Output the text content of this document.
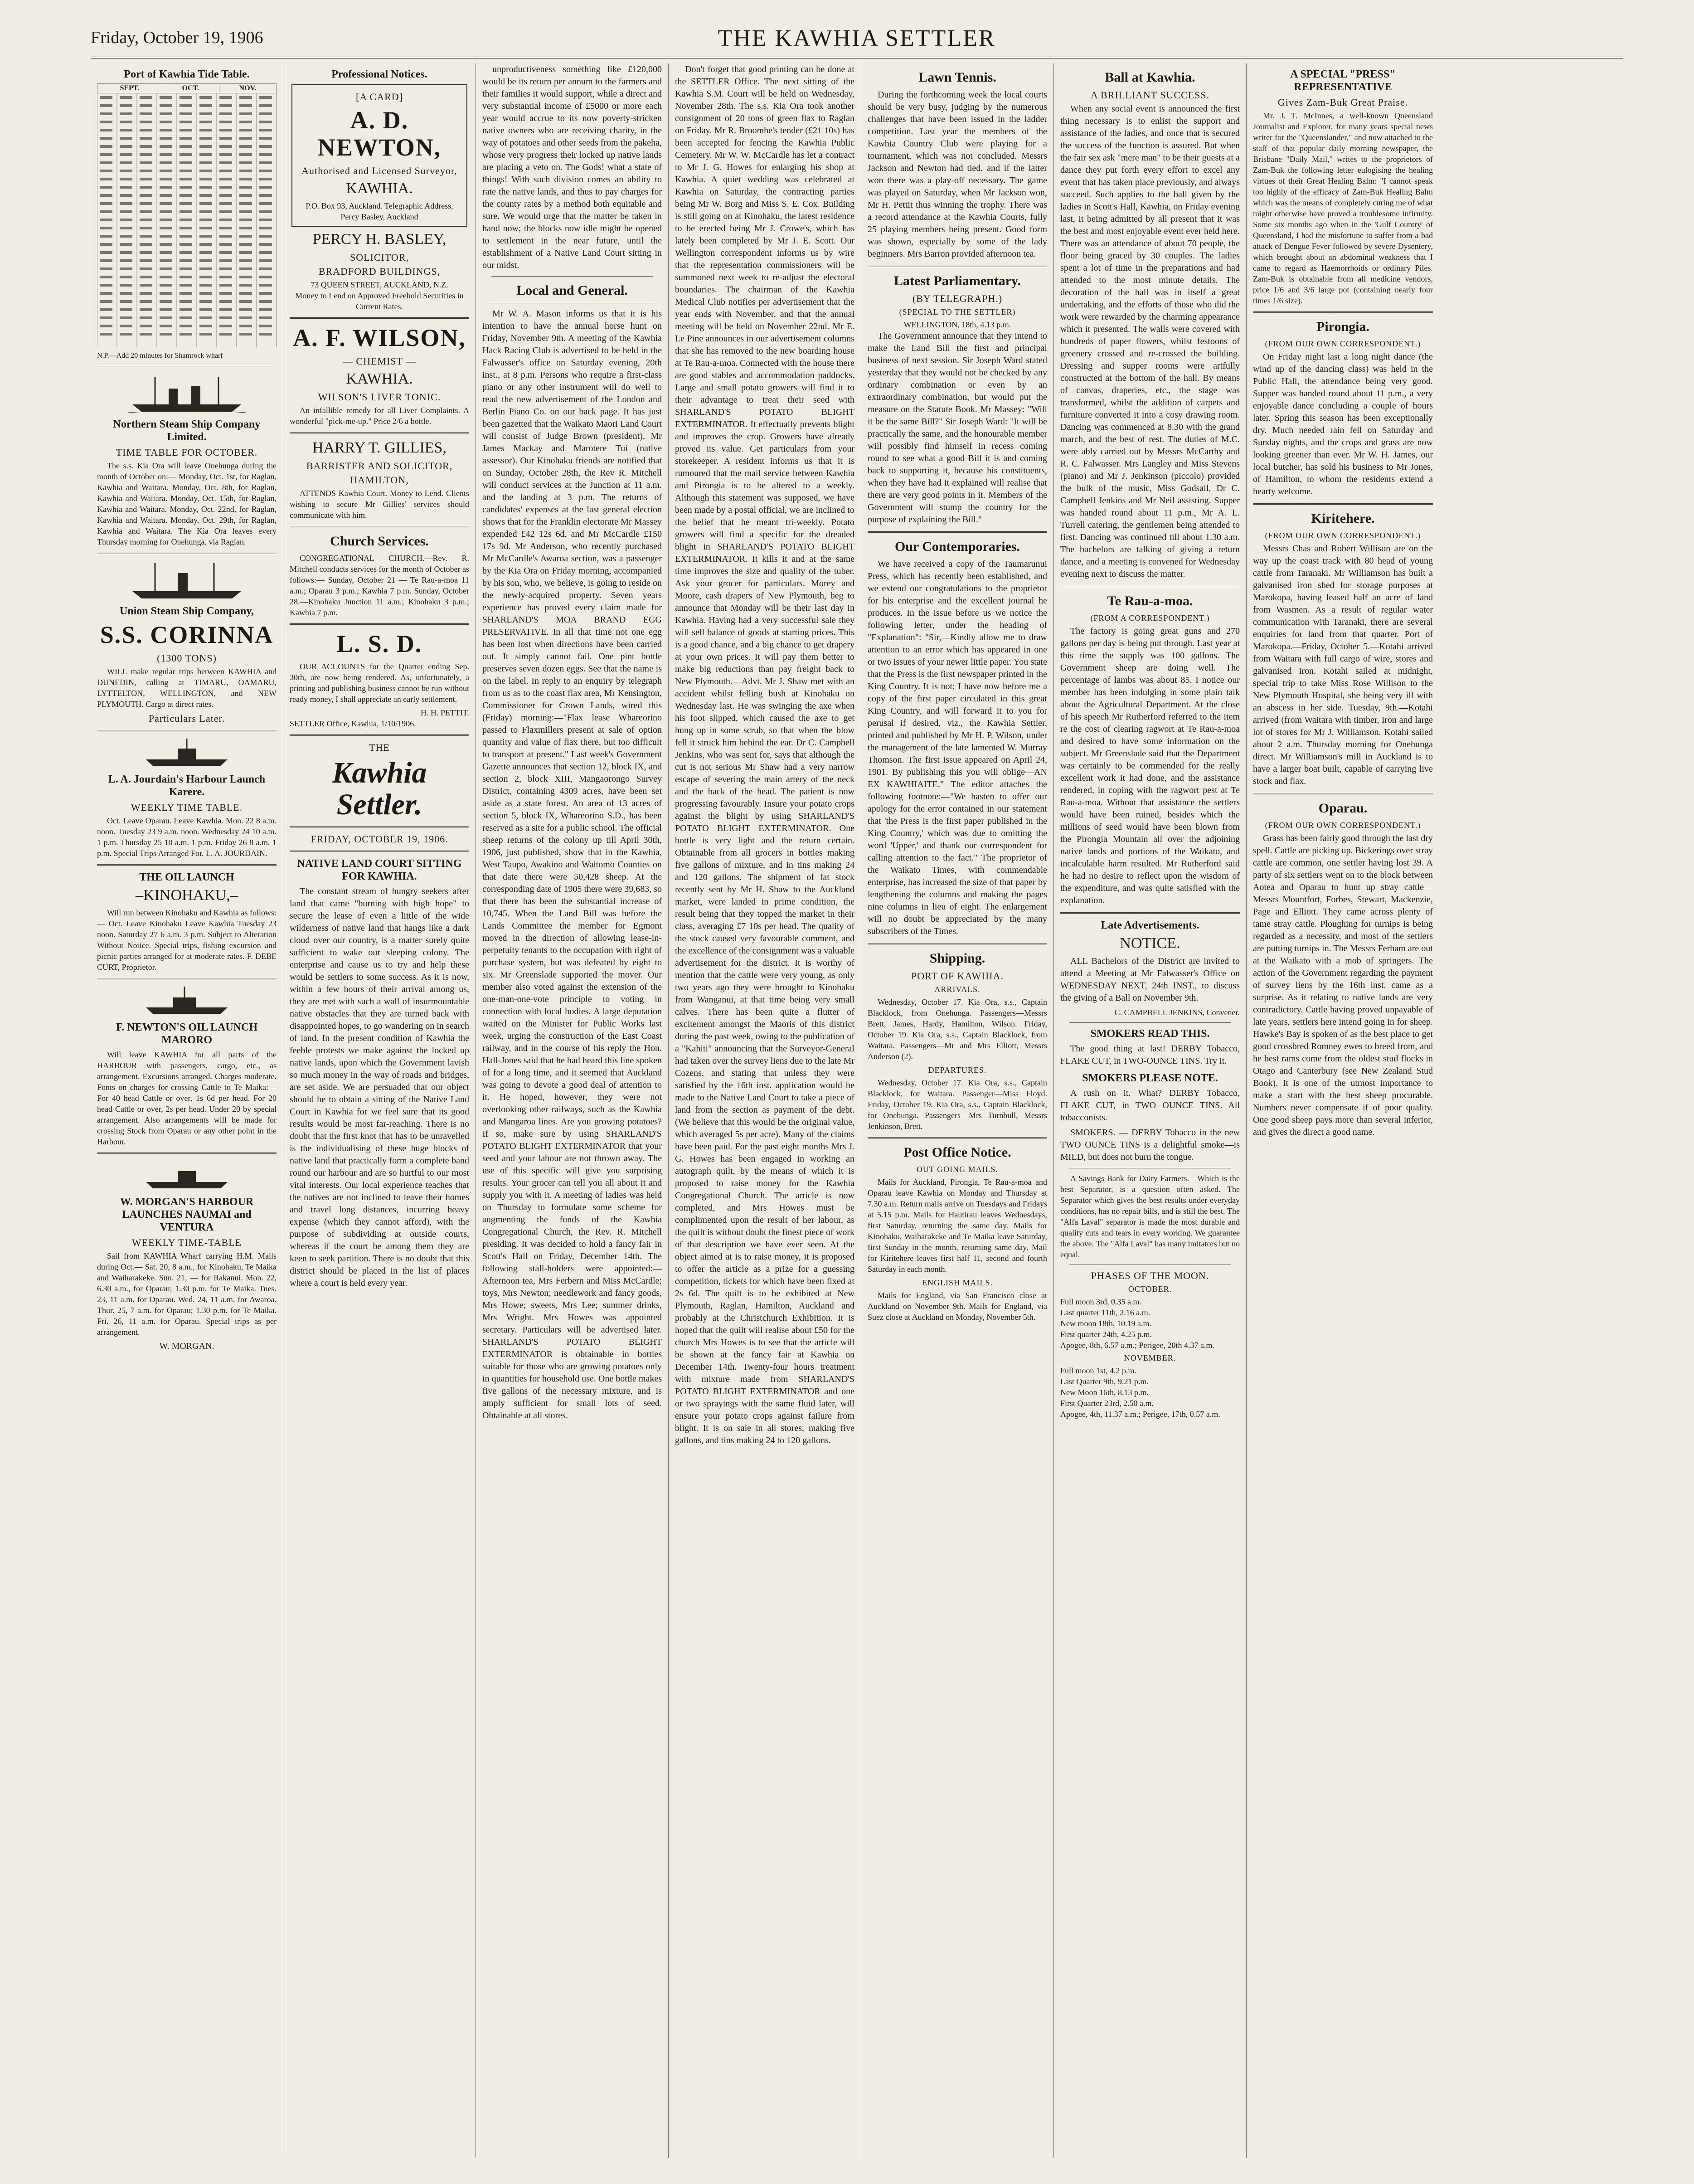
Friday, October 19, 1906	THE KAWHIA SETTLER
Port of Kawhia Tide Table.
SEPT.	OCT.	NOV.
N.P.—Add 20 minutes for Shamrock wharf
Northern Steam Ship Company Limited.
TIME TABLE FOR OCTOBER.

The s.s. Kia Ora will leave Onehunga during the month of October on:— Monday, Oct. 1st, for Raglan, Kawhia and Waitara. Monday, Oct. 8th, for Raglan, Kawhia and Waitara. Monday, Oct. 15th, for Raglan, Kawhia and Waitara. Monday, Oct. 22nd, for Raglan, Kawhia and Waitara. Monday, Oct. 29th, for Raglan, Kawhia and Waitara. The Kia Ora leaves every Thursday morning for Onehunga, via Raglan.

Union Steam Ship Company,
S.S. CORINNA
(1300 TONS)

WILL make regular trips between KAWHIA and DUNEDIN, calling at TIMARU, OAMARU, LYTTELTON, WELLINGTON, and NEW PLYMOUTH. Cargo at direct rates.

Particulars Later.
L. A. Jourdain's Harbour Launch Karere.
WEEKLY TIME TABLE.

Oct. Leave Oparau. Leave Kawhia. Mon. 22 8 a.m. noon. Tuesday 23 9 a.m. noon. Wednesday 24 10 a.m. 1 p.m. Thursday 25 10 a.m. 1 p.m. Friday 26 8 a.m. 1 p.m. Special Trips Arranged For. L. A. JOURDAIN.

THE OIL LAUNCH
–KINOHAKU,–

Will run between Kinohaku and Kawhia as follows:— Oct. Leave Kinohaku Leave Kawhia Tuesday 23 noon. Saturday 27 6 a.m. 3 p.m. Subject to Alteration Without Notice. Special trips, fishing excursion and picnic parties arranged for at moderate rates. F. DEBE CURT, Proprietor.

F. NEWTON'S OIL LAUNCH MARORO

Will leave KAWHIA for all parts of the HARBOUR with passengers, cargo, etc., as arrangement. Excursions arranged. Charges moderate. Fonts on charges for crossing Cattle to Te Maika:— For 40 head Cattle or over, 1s 6d per head. For 20 head Cattle or over, 2s per head. Under 20 by special arrangement. Also arrangements will be made for crossing Stock from Oparau or any other point in the Harbour.

W. MORGAN'S HARBOUR LAUNCHES NAUMAI and VENTURA
WEEKLY TIME-TABLE

Sail from KAWHIA Wharf carrying H.M. Mails during Oct.— Sat. 20, 8 a.m., for Kinohaku, Te Maika and Waiharakeke. Sun. 21, — for Rakanui. Mon. 22, 6.30 a.m., for Oparau; 1.30 p.m. for Te Maika. Tues. 23, 11 a.m. for Oparau. Wed. 24, 11 a.m. for Awaroa. Thur. 25, 7 a.m. for Oparau; 1.30 p.m. for Te Maika. Fri. 26, 11 a.m. for Oparau. Special trips as per arrangement.

W. MORGAN.
Professional Notices.
[A CARD]
A. D. NEWTON,
Authorised and Licensed Surveyor,
KAWHIA.
P.O. Box 93, Auckland. Telegraphic Address, Percy Basley, Auckland
PERCY H. BASLEY,
SOLICITOR,
BRADFORD BUILDINGS,
73 QUEEN STREET, AUCKLAND, N.Z.
Money to Lend on Approved Freehold Securities in Current Rates.
A. F. WILSON,
— CHEMIST —
KAWHIA.
WILSON'S LIVER TONIC.

An infallible remedy for all Liver Complaints. A wonderful "pick-me-up." Price 2/6 a bottle.

HARRY T. GILLIES,
BARRISTER AND SOLICITOR,
HAMILTON,

ATTENDS Kawhia Court. Money to Lend. Clients wishing to secure Mr Gillies' services should communicate with him.

Church Services.

CONGREGATIONAL CHURCH.—Rev. R. Mitchell conducts services for the month of October as follows:— Sunday, October 21 — Te Rau-a-moa 11 a.m.; Oparau 3 p.m.; Kawhia 7 p.m. Sunday, October 28.—Kinohaku Junction 11 a.m.; Kinohaku 3 p.m.; Kawhia 7 p.m.

L. S. D.

OUR ACCOUNTS for the Quarter ending Sep. 30th, are now being rendered. As, unfortunately, a printing and publishing business cannot be run without ready money, I shall appreciate an early settlement.

H. H. PETTIT.
SETTLER Office, Kawhia, 1/10/1906.
THE
Kawhia Settler.
FRIDAY, OCTOBER 19, 1906.
NATIVE LAND COURT SITTING FOR KAWHIA.

The constant stream of hungry seekers after land that came "burning with high hope" to secure the lease of even a little of the wide wilderness of native land that hangs like a dark cloud over our country, is a matter surely quite sufficient to wake our sleeping colony. The enterprise and cause us to try and help these would be settlers to some success. As it is now, within a few hours of their arrival among us, they are met with such a wall of insurmountable native obstacles that they are turned back with disappointed hopes, to go wandering on in search of land. In the present condition of Kawhia the feeble protests we make against the locked up native lands, upon which the Government lavish so much money in the way of roads and bridges, are set aside. We are persuaded that our object should be to obtain a sitting of the Native Land Court in Kawhia for we feel sure that its good results would be most far-reaching. There is no doubt that the first knot that has to be unravelled is the individualising of these huge blocks of native land that practically form a complete band round our harbour and are so hurtful to our most vital interests. Our local experience teaches that the natives are not inclined to leave their homes and travel long distances, incurring heavy expense (which they cannot afford), with the purpose of subdividing at outside courts, whereas if the court be among them they are keen to seek partition. There is no doubt that this district should be placed in the list of places where a court is held every year.

unproductiveness something like £120,000 would be its return per annum to the farmers and their families it would support, while a direct and very substantial income of £5000 or more each year would accrue to its now poverty-stricken native owners who are receiving charity, in the way of potatoes and other seeds from the pakeha, whose very progress their locked up native lands are placing a veto on. The Gods! what a state of things! With such division comes an ability to rate the native lands, and thus to pay charges for the county rates by a method both equitable and sure. We would urge that the matter be taken in hand now; the blocks now idle might be opened to settlement in the near future, until the establishment of a Native Land Court sitting in our midst.

Local and General.

Mr W. A. Mason informs us that it is his intention to have the annual horse hunt on Friday, November 9th. A meeting of the Kawhia Hack Racing Club is advertised to be held in the Falwasser's office on Saturday evening, 20th inst., at 8 p.m. Persons who require a first-class piano or any other instrument will do well to read the new advertisement of the London and Berlin Piano Co. on our back page. It has just been gazetted that the Waikato Maori Land Court will consist of Judge Brown (president), Mr James Mackay and Marotere Tui (native assessor). Our Kinohaku friends are notified that on Sunday, October 28th, the Rev R. Mitchell will conduct services at the Junction at 11 a.m. and the landing at 3 p.m. The returns of candidates' expenses at the last general election shows that for the Franklin electorate Mr Massey expended £42 12s 6d, and Mr McCardle £150 17s 9d. Mr Anderson, who recently purchased Mr McCardle's Awaroa section, was a passenger by the Kia Ora on Friday morning, accompanied by his son, who, we believe, is going to reside on the newly-acquired property. Seven years experience has proved every claim made for SHARLAND'S MOA BRAND EGG PRESERVATIVE. In all that time not one egg has been lost when directions have been carried out. It simply cannot fail. One pint bottle preserves seven dozen eggs. See that the name is on the label. In reply to an enquiry by telegraph from us as to the coast flax area, Mr Kensington, Commissioner for Crown Lands, wired this (Friday) morning:—"Flax lease Whareorino passed to Flaxmillers present at sale of option quantity and value of flax there, but too difficult to transport at present." Last week's Government Gazette announces that section 12, block IX, and section 2, block XIII, Mangaorongo Survey District, containing 4309 acres, have been set aside as a state forest. An area of 13 acres of section 5, block IX, Whareorino S.D., has been reserved as a site for a public school. The official sheep returns of the colony up till April 30th, 1906, just published, show that in the Kawhia, West Taupo, Awakino and Waitomo Counties on that date there were 50,428 sheep. At the corresponding date of 1905 there were 39,683, so that there has been the substantial increase of 10,745. When the Land Bill was before the Lands Committee the member for Egmont moved in the direction of allowing lease-in-perpetuity tenants to the occupation with right of purchase system, but was defeated by eight to six. Mr Greenslade supported the mover. Our member also voted against the extension of the one-man-one-vote principle to voting in connection with local bodies. A large deputation waited on the Minister for Public Works last week, urging the construction of the East Coast railway, and in the course of his reply the Hon. Hall-Jones said that he had heard this line spoken of for a long time, and it seemed that Auckland was going to devote a good deal of attention to it. He hoped, however, they were not overlooking other railways, such as the Kawhia and Mangaroa lines. Are you growing potatoes? If so, make sure by using SHARLAND'S POTATO BLIGHT EXTERMINATOR that your seed and your labour are not thrown away. The use of this specific will give you surprising results. Your grocer can tell you all about it and supply you with it. A meeting of ladies was held on Thursday to formulate some scheme for augmenting the funds of the Kawhia Congregational Church, the Rev. R. Mitchell presiding. It was decided to hold a fancy fair in Scott's Hall on Friday, December 14th. The following stall-holders were appointed:— Afternoon tea, Mrs Ferbern and Miss McCardle; toys, Mrs Newton; needlework and fancy goods, Mrs Howe; sweets, Mrs Lee; summer drinks, Mrs Wright. Mrs Howes was appointed secretary. Particulars will be advertised later. SHARLAND'S POTATO BLIGHT EXTERMINATOR is obtainable in bottles suitable for those who are growing potatoes only in quantities for household use. One bottle makes five gallons of the necessary mixture, and is amply sufficient for small lots of seed. Obtainable at all stores.

Don't forget that good printing can be done at the SETTLER Office. The next sitting of the Kawhia S.M. Court will be held on Wednesday, November 28th. The s.s. Kia Ora took another consignment of 20 tons of green flax to Raglan on Friday. Mr R. Broomhe's tender (£21 10s) has been accepted for fencing the Kawhia Public Cemetery. Mr W. W. McCardle has let a contract to Mr J. G. Howes for enlarging his shop at Kawhia. A quiet wedding was celebrated at Kawhia on Saturday, the contracting parties being Mr W. Borg and Miss S. E. Cox. Building is still going on at Kinohaku, the latest residence to be erected being Mr J. Crowe's, which has lately been completed by Mr J. E. Scott. Our Wellington correspondent informs us by wire that the representation commissioners will be summoned next week to re-adjust the electoral boundaries. The chairman of the Kawhia Medical Club notifies per advertisement that the year ends with November, and that the annual meeting will be held on November 22nd. Mr E. Le Pine announces in our advertisement columns that she has removed to the new boarding house at Te Rau-a-moa. Connected with the house there are good stables and accommodation paddocks. Large and small potato growers will find it to their advantage to treat their seed with SHARLAND'S POTATO BLIGHT EXTERMINATOR. It effectually prevents blight and improves the crop. Growers have already proved its value. Get particulars from your storekeeper. A resident informs us that it is rumoured that the mail service between Kawhia and Pirongia is to be altered to a weekly. Although this statement was supposed, we have been made by a postal official, we are inclined to the belief that he meant tri-weekly. Potato growers will find a specific for the dreaded blight in SHARLAND'S POTATO BLIGHT EXTERMINATOR. It kills it and at the same time improves the size and quality of the tuber. Ask your grocer for particulars. Morey and Moore, cash drapers of New Plymouth, beg to announce that Monday will be their last day in Kawhia. Having had a very successful sale they will sell balance of goods at starting prices. This is a good chance, and a big chance to get drapery at your own prices. It will pay them better to make big reductions than pay freight back to New Plymouth.—Advt. Mr J. Shaw met with an accident whilst felling bush at Kinohaku on Wednesday last. He was swinging the axe when his foot slipped, which caused the axe to get hung up in some scrub, so that when the blow fell it struck him behind the ear. Dr C. Campbell Jenkins, who was sent for, says that although the cut is not serious Mr Shaw had a very narrow escape of severing the main artery of the neck and the back of the head. The patient is now progressing favourably. Insure your potato crops against the blight by using SHARLAND'S POTATO BLIGHT EXTERMINATOR. One bottle is very light and the return certain. Obtainable from all grocers in bottles making five gallons of mixture, and in tins making 24 and 120 gallons. The shipment of fat stock recently sent by Mr H. Shaw to the Auckland market, were landed in prime condition, the result being that they topped the market in their class, averaging £7 10s per head. The quality of the stock caused very favourable comment, and the excellence of the consignment was a valuable advertisement for the district. It is worthy of mention that the cattle were very young, as only two years ago they were brought to Kinohaku from Wanganui, at that time being very small calves. There has been quite a flutter of excitement amongst the Maoris of this district during the past week, owing to the publication of a "Kahiti" announcing that the Surveyor-General had taken over the survey liens due to the late Mr Cozens, and stating that unless they were satisfied by the 16th inst. application would be made to the Native Land Court to take a piece of land from the section as payment of the debt. (We believe that this would be the original value, which averaged 5s per acre). Many of the claims have been paid. For the past eight months Mrs J. G. Howes has been engaged in working an autograph quilt, by the means of which it is proposed to raise money for the Kawhia Congregational Church. The article is now completed, and Mrs Howes must be complimented upon the result of her labour, as the quilt is without doubt the finest piece of work of that description we have ever seen. At the object aimed at is to raise money, it is proposed to offer the article as a prize for a guessing competition, tickets for which have been fixed at 2s 6d. The quilt is to be exhibited at New Plymouth, Raglan, Hamilton, Auckland and probably at the Christchurch Exhibition. It is hoped that the quilt will realise about £50 for the church Mrs Howes is to see that the article will be shown at the fancy fair at Kawhia on December 14th. Twenty-four hours treatment with mixture made from SHARLAND'S POTATO BLIGHT EXTERMINATOR and one or two sprayings with the same fluid later, will ensure your potato crops against failure from blight. It is on sale in all stores, making five gallons, and tins making 24 to 120 gallons.

Lawn Tennis.

During the forthcoming week the local courts should be very busy, judging by the numerous challenges that have been issued in the ladder competition. Last year the members of the Kawhia Country Club were playing for a tournament, which was not concluded. Messrs Jackson and Newton had tied, and if the latter won there was a play-off necessary. The game was played on Saturday, when Mr Jackson won, Mr H. Pettit thus winning the trophy. There was a record attendance at the Kawhia Courts, fully 25 playing members being present. Good form was shown, especially by some of the lady beginners. Mrs Barron provided afternoon tea.

Latest Parliamentary.
(BY TELEGRAPH.)
(SPECIAL TO THE SETTLER)
WELLINGTON, 18th, 4.13 p.m.

The Government announce that they intend to make the Land Bill the first and principal business of next session. Sir Joseph Ward stated yesterday that they would not be checked by any ordinary combination or even by an extraordinary combination, but would put the measure on the Statute Book. Mr Massey: "Will it be the same Bill?" Sir Joseph Ward: "It will be practically the same, and the honourable member will possibly find himself in recess coming round to see what a good Bill it is and coming back to supporting it, because his constituents, when they have had it explained will realise that there are very good points in it. Members of the Government will stump the country for the purpose of explaining the Bill."

Our Contemporaries.

We have received a copy of the Taumarunui Press, which has recently been established, and we extend our congratulations to the proprietor for his enterprise and the excellent journal he produces. In the issue before us we notice the following letter, under the heading of "Explanation": "Sir,—Kindly allow me to draw attention to an error which has appeared in one or two issues of your newer little paper. You state that the Press is the first newspaper printed in the King Country. It is not; I have now before me a copy of the first paper circulated in this great King Country, and will forward it to you for perusal if desired, viz., the Kawhia Settler, printed and published by Mr H. P. Wilson, under the management of the late lamented W. Murray Thomson. The first issue appeared on April 24, 1901. By publishing this you will oblige—AN EX KAWHIAITE." The editor attaches the following footnote:—"We hasten to offer our apology for the error contained in our statement that 'the Press is the first paper published in the King Country,' which was due to omitting the word 'Upper,' and thank our correspondent for calling attention to the fact." The proprietor of the Waikato Times, with commendable enterprise, has increased the size of that paper by lengthening the columns and making the pages nine columns in lieu of eight. The enlargement will no doubt be appreciated by the many subscribers of the Times.

Shipping.
PORT OF KAWHIA.
ARRIVALS.

Wednesday, October 17. Kia Ora, s.s., Captain Blacklock, from Onehunga. Passengers—Messrs Brett, James, Hardy, Hamilton, Wilson. Friday, October 19. Kia Ora, s.s., Captain Blacklock, from Waitara. Passengers—Mr and Mrs Elliott, Messrs Anderson (2).

DEPARTURES.

Wednesday, October 17. Kia Ora, s.s., Captain Blacklock, for Waitara. Passenger—Miss Floyd. Friday, October 19. Kia Ora, s.s., Captain Blacklock, for Onehunga. Passengers—Mrs Turnbull, Messrs Jenkinson, Brett.

Post Office Notice.
OUT GOING MAILS.

Mails for Auckland, Pirongia, Te Rau-a-moa and Oparau leave Kawhia on Monday and Thursday at 7.30 a.m. Return mails arrive on Tuesdays and Fridays at 5.15 p.m. Mails for Hautirau leaves Wednesdays, first Saturday, returning the same day. Mails for Kinohaku, Waiharakeke and Te Maika leave Saturday, first Sunday in the month, returning same day. Mail for Kiritehere leaves first half 11, second and fourth Saturday in each month.

ENGLISH MAILS.

Mails for England, via San Francisco close at Auckland on November 9th. Mails for England, via Suez close at Auckland on Monday, November 5th.

Ball at Kawhia.
A BRILLIANT SUCCESS.

When any social event is announced the first thing necessary is to enlist the support and assistance of the ladies, and once that is secured the success of the function is assured. But when the fair sex ask "mere man" to be their guests at a dance they put forth every effort to excel any event that has taken place previously, and always succeed. Such applies to the ball given by the ladies in Scott's Hall, Kawhia, on Friday evening last, it being admitted by all present that it was the best and most enjoyable event ever held here. There was an attendance of about 70 people, the floor being graced by 30 couples. The ladies spent a lot of time in the preparations and had attended to the most minute details. The decoration of the hall was in itself a great undertaking, and the efforts of those who did the work were rewarded by the charming appearance which it presented. The walls were covered with hundreds of paper flowers, whilst festoons of greenery crossed and re-crossed the building. Dressing and supper rooms were artfully constructed at the bottom of the hall. By means of canvas, draperies, etc., the stage was transformed, whilst the addition of carpets and furniture converted it into a cosy drawing room. Dancing was commenced at 8.30 with the grand march, and the best of rest. The duties of M.C. were ably carried out by Messrs McCarthy and R. C. Falwasser. Mrs Langley and Miss Stevens (piano) and Mr J. Jenkinson (piccolo) provided the bulk of the music, Miss Godsall, Dr C. Campbell Jenkins and Mr Neil assisting. Supper was handed round about 11 p.m., Mr A. L. Turrell catering, the gentlemen being attended to first. Dancing was continued till about 1.30 a.m. The bachelors are talking of giving a return dance, and a meeting is convened for Wednesday evening next to discuss the matter.

Te Rau-a-moa.
(FROM A CORRESPONDENT.)

The factory is going great guns and 270 gallons per day is being put through. Last year at this time the supply was 100 gallons. The Government sheep are doing well. The percentage of lambs was about 85. I notice our member has been indulging in some plain talk about the Agricultural Department. At the close of his speech Mr Rutherford referred to the item re the cost of clearing ragwort at Te Rau-a-moa and desired to have some information on the subject. Mr Greenslade said that the Department was certainly to be commended for the really excellent work it had done, and the assistance rendered, in coping with the ragwort pest at Te Rau-a-moa. Without that assistance the settlers would have been ruined, besides which the millions of seed would have been blown from the Pirongia Mountain all over the adjoining native lands and portions of the Waikato, and incalculable harm resulted. Mr Rutherford said he had no desire to reflect upon the wisdom of the expenditure, and was quite satisfied with the explanation.

Late Advertisements.
NOTICE.

ALL Bachelors of the District are invited to attend a Meeting at Mr Falwasser's Office on WEDNESDAY NEXT, 24th INST., to discuss the giving of a Ball on November 9th.

C. CAMPBELL JENKINS, Convener.
SMOKERS READ THIS.

The good thing at last! DERBY Tobacco, FLAKE CUT, in TWO-OUNCE TINS. Try it.

SMOKERS PLEASE NOTE.

A rush on it. What? DERBY Tobacco, FLAKE CUT, in TWO OUNCE TINS. All tobacconists.

SMOKERS. — DERBY Tobacco in the new TWO OUNCE TINS is a delightful smoke—is MILD, but does not burn the tongue.

A Savings Bank for Dairy Farmers.—Which is the best Separator, is a question often asked. The Separator which gives the best results under everyday conditions, has no repair bills, and is still the best. The "Alfa Laval" separator is made the most durable and quality cuts and tears in every working. We guarantee the above. The "Alfa Laval" has many imitators but no equal.

PHASES OF THE MOON.
OCTOBER.
Full moon 3rd, 0.35 a.m.
Last quarter 11th, 2.16 a.m.
New moon 18th, 10.19 a.m.
First quarter 24th, 4.25 p.m.
Apogee, 8th, 6.57 a.m.; Perigee, 20th 4.37 a.m.
NOVEMBER.
Full moon 1st, 4.2 p.m.
Last Quarter 9th, 9.21 p.m.
New Moon 16th, 8.13 p.m.
First Quarter 23rd, 2.50 a.m.
Apogee, 4th, 11.37 a.m.; Perigee, 17th, 0.57 a.m.
A SPECIAL "PRESS" REPRESENTATIVE
Gives Zam-Buk Great Praise.

Mr. J. T. McInnes, a well-known Queensland Journalist and Explorer, for many years special news writer for the "Queenslander," and now attached to the staff of that popular daily morning newspaper, the Brisbane "Daily Mail," writes to the proprietors of Zam-Buk the following letter eulogising the healing virtues of their Great Healing Balm: "I cannot speak too highly of the efficacy of Zam-Buk Healing Balm which was the means of completely curing me of what might otherwise have proved a troublesome infirmity. Some six months ago when in the 'Gulf Country' of Queensland, I had the misfortune to suffer from a bad attack of Dengue Fever followed by severe Dysentery, which brought about an abdominal weakness that I came to regard as Haemorrhoids or ordinary Piles. Zam-Buk is obtainable from all medicine vendors, price 1/6 and 3/6 large pot (containing nearly four times 1/6 size).

Pirongia.
(FROM OUR OWN CORRESPONDENT.)

On Friday night last a long night dance (the wind up of the dancing class) was held in the Public Hall, the attendance being very good. Supper was handed round about 11 p.m., a very enjoyable dance concluding a couple of hours later. Spring this season has been exceptionally dry. Much needed rain fell on Saturday and Sunday nights, and the crops and grass are now looking greener than ever. Mr W. H. James, our local butcher, has sold his business to Mr Jones, of Hamilton, to whom the residents extend a hearty welcome.

Kiritehere.
(FROM OUR OWN CORRESPONDENT.)

Messrs Chas and Robert Willison are on the way up the coast track with 80 head of young cattle from Taranaki. Mr Williamson has built a galvanised iron shed for storage purposes at Marokopa, having leased half an acre of land from Wasmen. As a result of regular water communication with Taranaki, there are several enquiries for land from that quarter. Port of Marokopa.—Friday, October 5.—Kotahi arrived from Waitara with full cargo of wire, stores and galvanised iron. Kotahi sailed at midnight, special trip to take Miss Rose Willison to the New Plymouth Hospital, she being very ill with an abscess in her side. Tuesday, 9th.—Kotahi arrived (from Waitara with timber, iron and large lot of stores for Mr J. Williamson. Kotahi sailed about 2 a.m. Thursday morning for Onehunga direct. Mr Williamson's mill in Auckland is to have a larger boat built, capable of carrying live stock and flax.

Oparau.
(FROM OUR OWN CORRESPONDENT.)

Grass has been fairly good through the last dry spell. Cattle are picking up. Bickerings over stray cattle are common, one settler having lost 39. A party of six settlers went on to the block between Aotea and Oparau to hunt up stray cattle—Messrs Mountfort, Forbes, Stewart, Mackenzie, Page and Elliott. They came across plenty of tame stray cattle. Ploughing for turnips is being regarded as a necessity, and most of the settlers are putting turnips in. The Messrs Ferham are out at the Waikato with a mob of springers. The action of the Government regarding the payment of survey liens by the 16th inst. came as a surprise. As it relating to native lands are very contradictory. Cattle having proved unpayable of late years, settlers here intend going in for sheep. Hawke's Bay is spoken of as the best place to get good crossbred Romney ewes to breed from, and he best rams come from the oldest stud flocks in Otago and Canterbury (see New Zealand Stud Book). It is one of the utmost importance to make a start with the best sheep procurable. Numbers never compensate if of poor quality. One good sheep pays more than several inferior, and gives the direct a good name.
